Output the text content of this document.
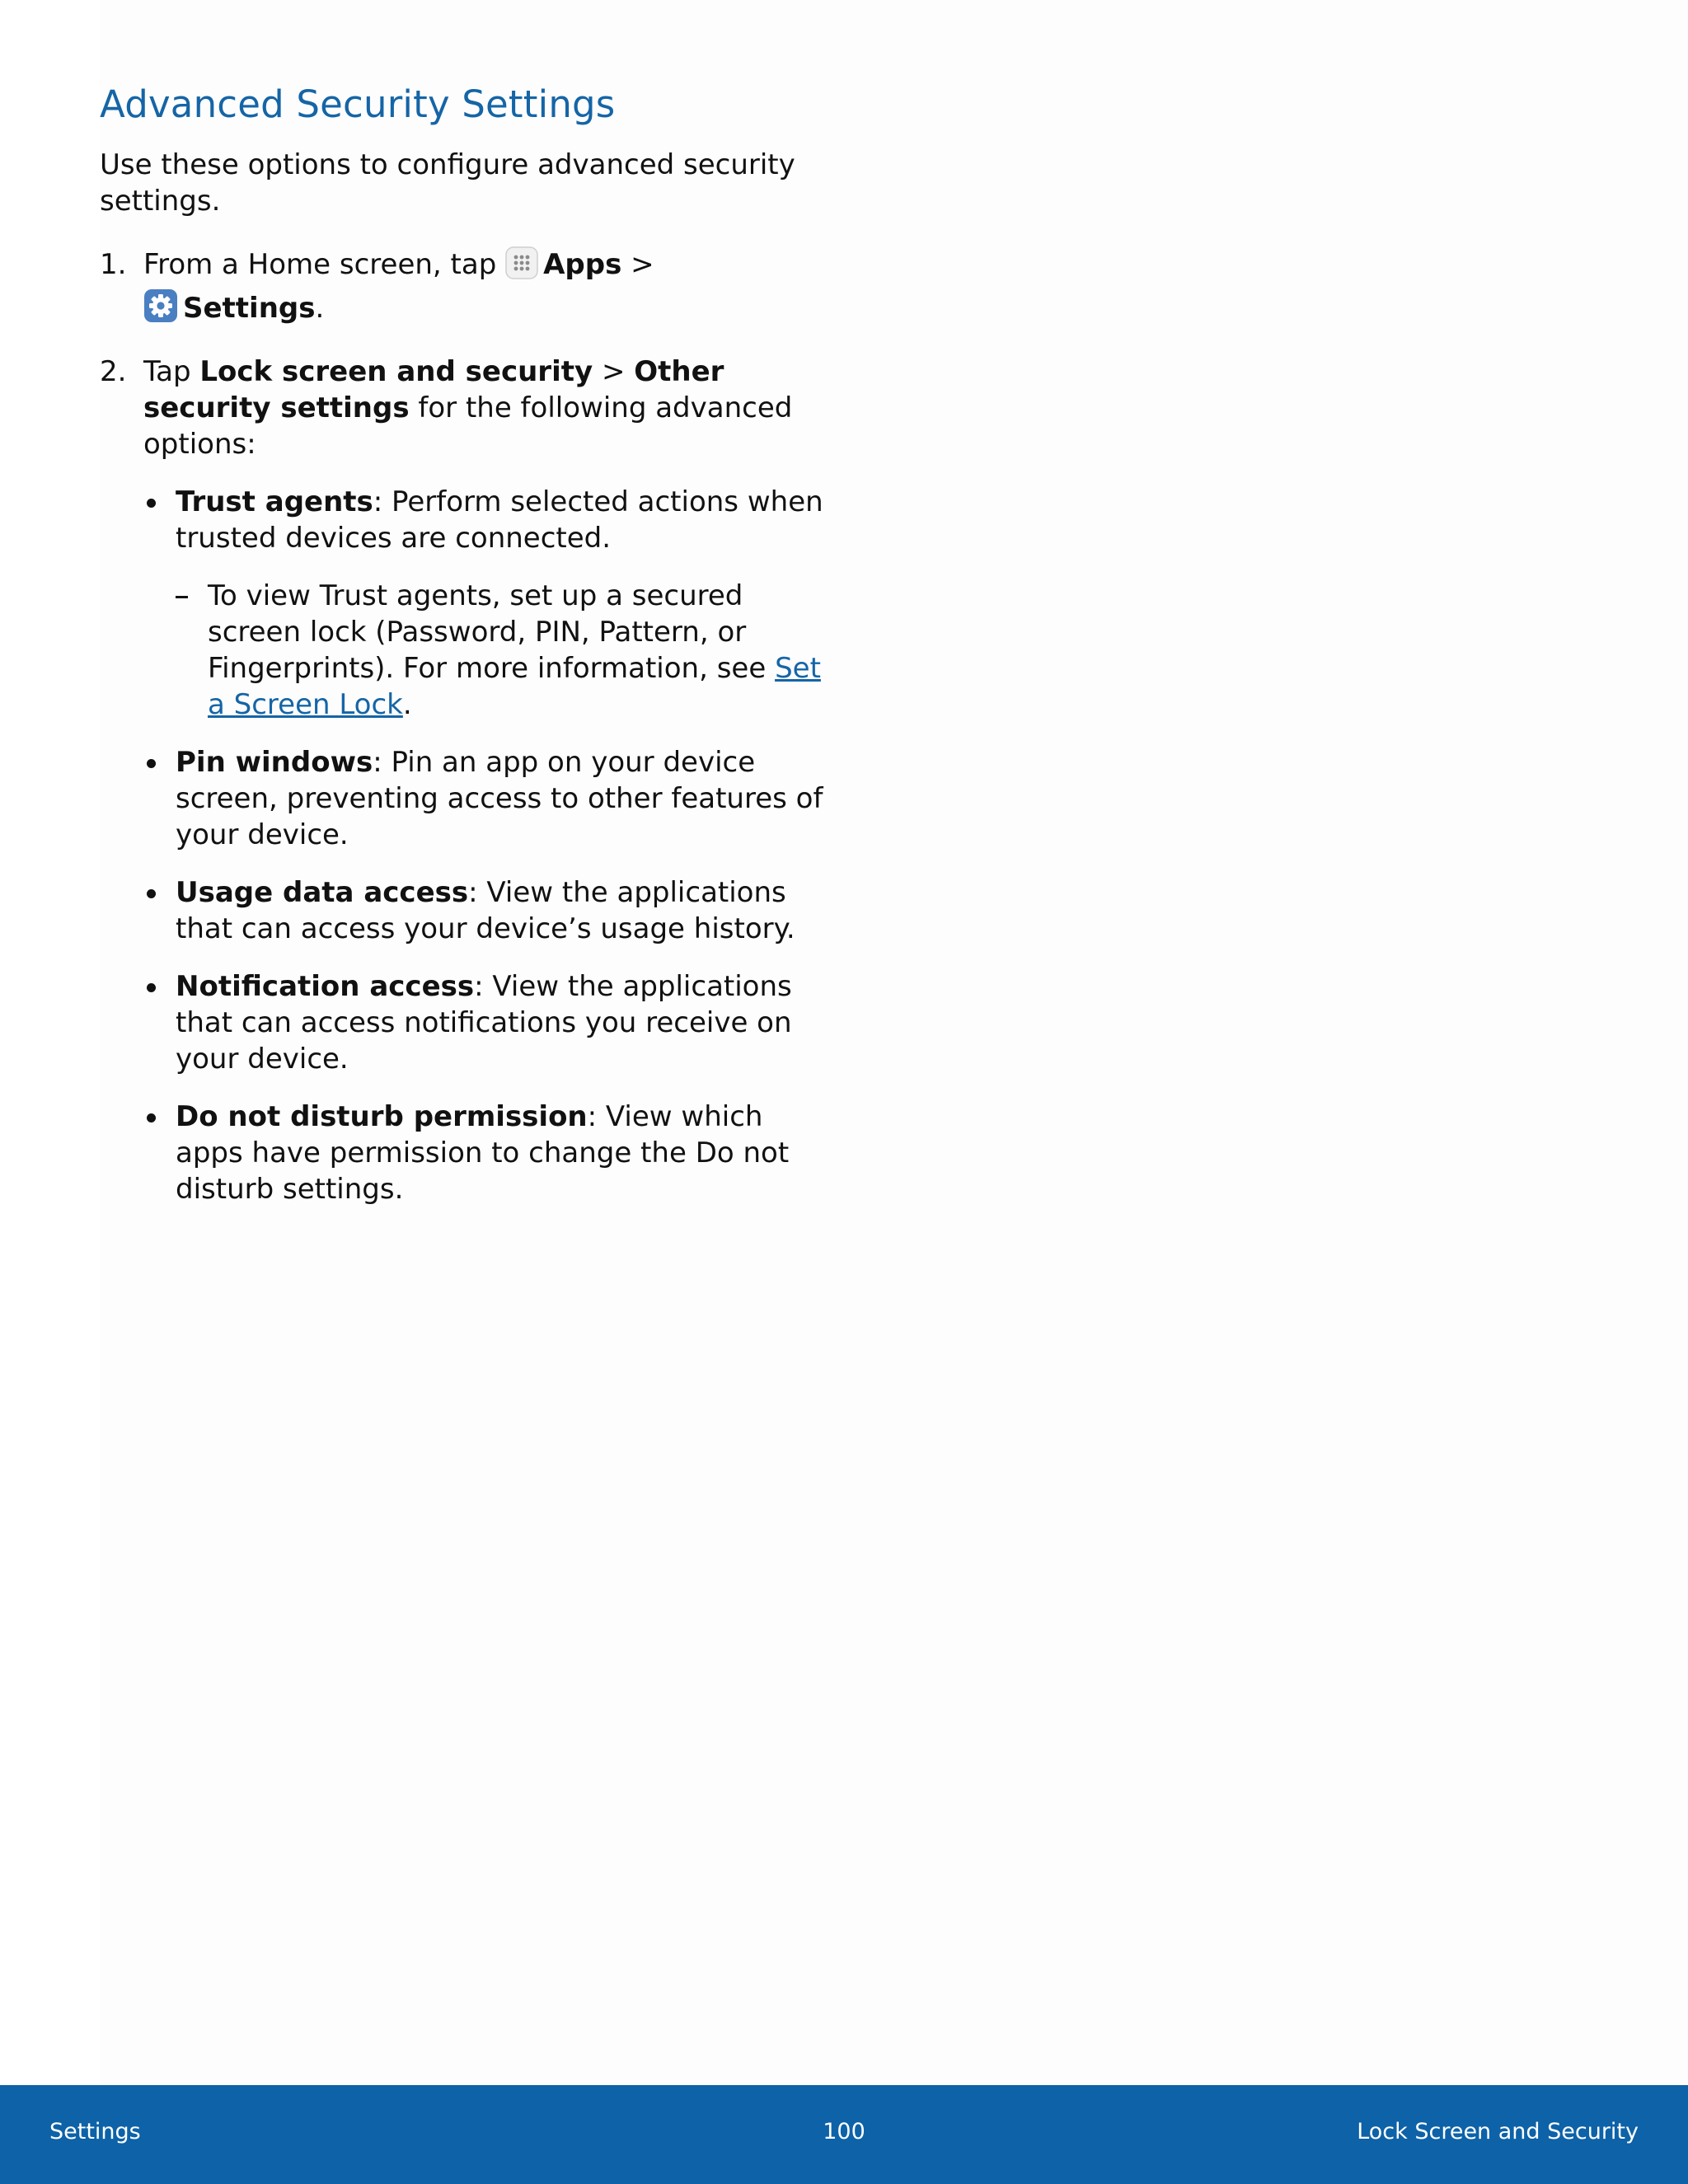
Advanced Security Settings

Use these options to configure advanced security settings.

1. From a Home screen, tap Apps >
Settings.
2. Tap Lock screen and security > Other security settings for the following advanced options:
Trust agents: Perform selected actions when trusted devices are connected.
To view Trust agents, set up a secured screen lock (Password, PIN, Pattern, or Fingerprints). For more information, see Set a Screen Lock.
Pin windows: Pin an app on your device screen, preventing access to other features of your device.
Usage data access: View the applications that can access your device’s usage history.
Notification access: View the applications that can access notifications you receive on your device.
Do not disturb permission: View which apps have permission to change the Do not disturb settings.
Settings	100	Lock Screen and Security
